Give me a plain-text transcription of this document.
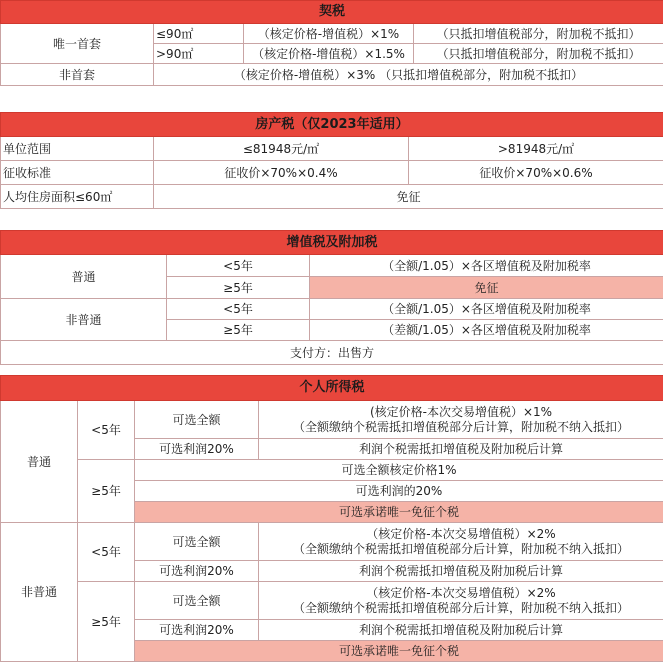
契税			
唯一首套	≤90㎡	（核定价格-增值税）×1%	（只抵扣增值税部分，附加税不抵扣）
	>90㎡	（核定价格-增值税）×1.5%	（只抵扣增值税部分，附加税不抵扣）
非首套	（核定价格-增值税）×3% （只抵扣增值税部分，附加税不抵扣）		
房产税（仅2023年适用）		
单位范围	≤81948元/㎡	>81948元/㎡
征收标准	征收价×70%×0.4%	征收价×70%×0.6%
人均住房面积≤60㎡	免征	
增值税及附加税		
普通	<5年	（全额/1.05）×各区增值税及附加税率
	≥5年	免征
非普通	<5年	（全额/1.05）×各区增值税及附加税率
	≥5年	（差额/1.05）×各区增值税及附加税率
支付方：出售方		
个人所得税			
普通	<5年	可选全额	(核定价格-本次交易增值税）×1%
（全额缴纳个税需抵扣增值税部分后计算，附加税不纳入抵扣）

		可选利润20%	利润个税需抵扣增值税及附加税后计算
	≥5年	可选全额核定价格1%	
		可选利润的20%	
		可选承诺唯一免征个税	
非普通	<5年	可选全额	（核定价格-本次交易增值税）×2%
（全额缴纳个税需抵扣增值税部分后计算，附加税不纳入抵扣）

		可选利润20%	利润个税需抵扣增值税及附加税后计算
	≥5年	可选全额	（核定价格-本次交易增值税）×2%
（全额缴纳个税需抵扣增值税部分后计算，附加税不纳入抵扣）

		可选利润20%	利润个税需抵扣增值税及附加税后计算
		可选承诺唯一免征个税	
